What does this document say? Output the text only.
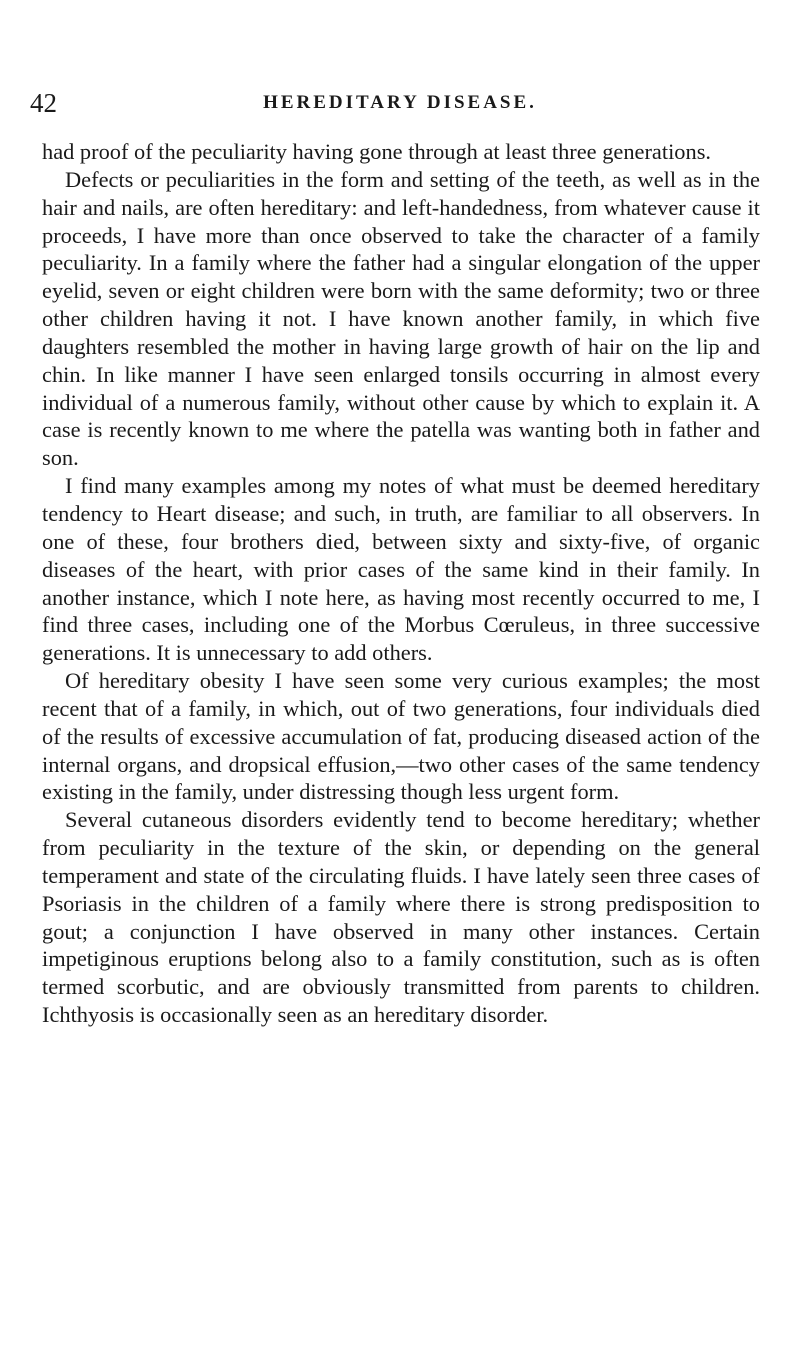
42	HEREDITARY DISEASE.

had proof of the peculiarity having gone through at least three generations.

Defects or peculiarities in the form and setting of the teeth, as well as in the hair and nails, are often hereditary: and left-handedness, from whatever cause it proceeds, I have more than once observed to take the character of a family peculiarity. In a family where the father had a singular elongation of the upper eyelid, seven or eight children were born with the same deformity; two or three other children having it not. I have known another family, in which five daughters resembled the mother in having large growth of hair on the lip and chin. In like manner I have seen enlarged tonsils occurring in almost every individual of a numerous family, without other cause by which to explain it. A case is recently known to me where the patella was wanting both in father and son.

I find many examples among my notes of what must be deemed hereditary tendency to Heart disease; and such, in truth, are familiar to all observers. In one of these, four brothers died, between sixty and sixty-five, of organic diseases of the heart, with prior cases of the same kind in their family. In another instance, which I note here, as having most recently occurred to me, I find three cases, including one of the Morbus Cœruleus, in three successive generations. It is unnecessary to add others.

Of hereditary obesity I have seen some very curious examples; the most recent that of a family, in which, out of two generations, four individuals died of the results of excessive accumulation of fat, producing diseased action of the internal organs, and dropsical effusion,—two other cases of the same tendency existing in the family, under distressing though less urgent form.

Several cutaneous disorders evidently tend to become hereditary; whether from peculiarity in the texture of the skin, or depending on the general temperament and state of the circulating fluids. I have lately seen three cases of Psoriasis in the children of a family where there is strong predisposition to gout; a conjunction I have observed in many other instances. Certain impetiginous eruptions belong also to a family constitution, such as is often termed scorbutic, and are obviously transmitted from parents to children. Ichthyosis is occasionally seen as an hereditary disorder.
